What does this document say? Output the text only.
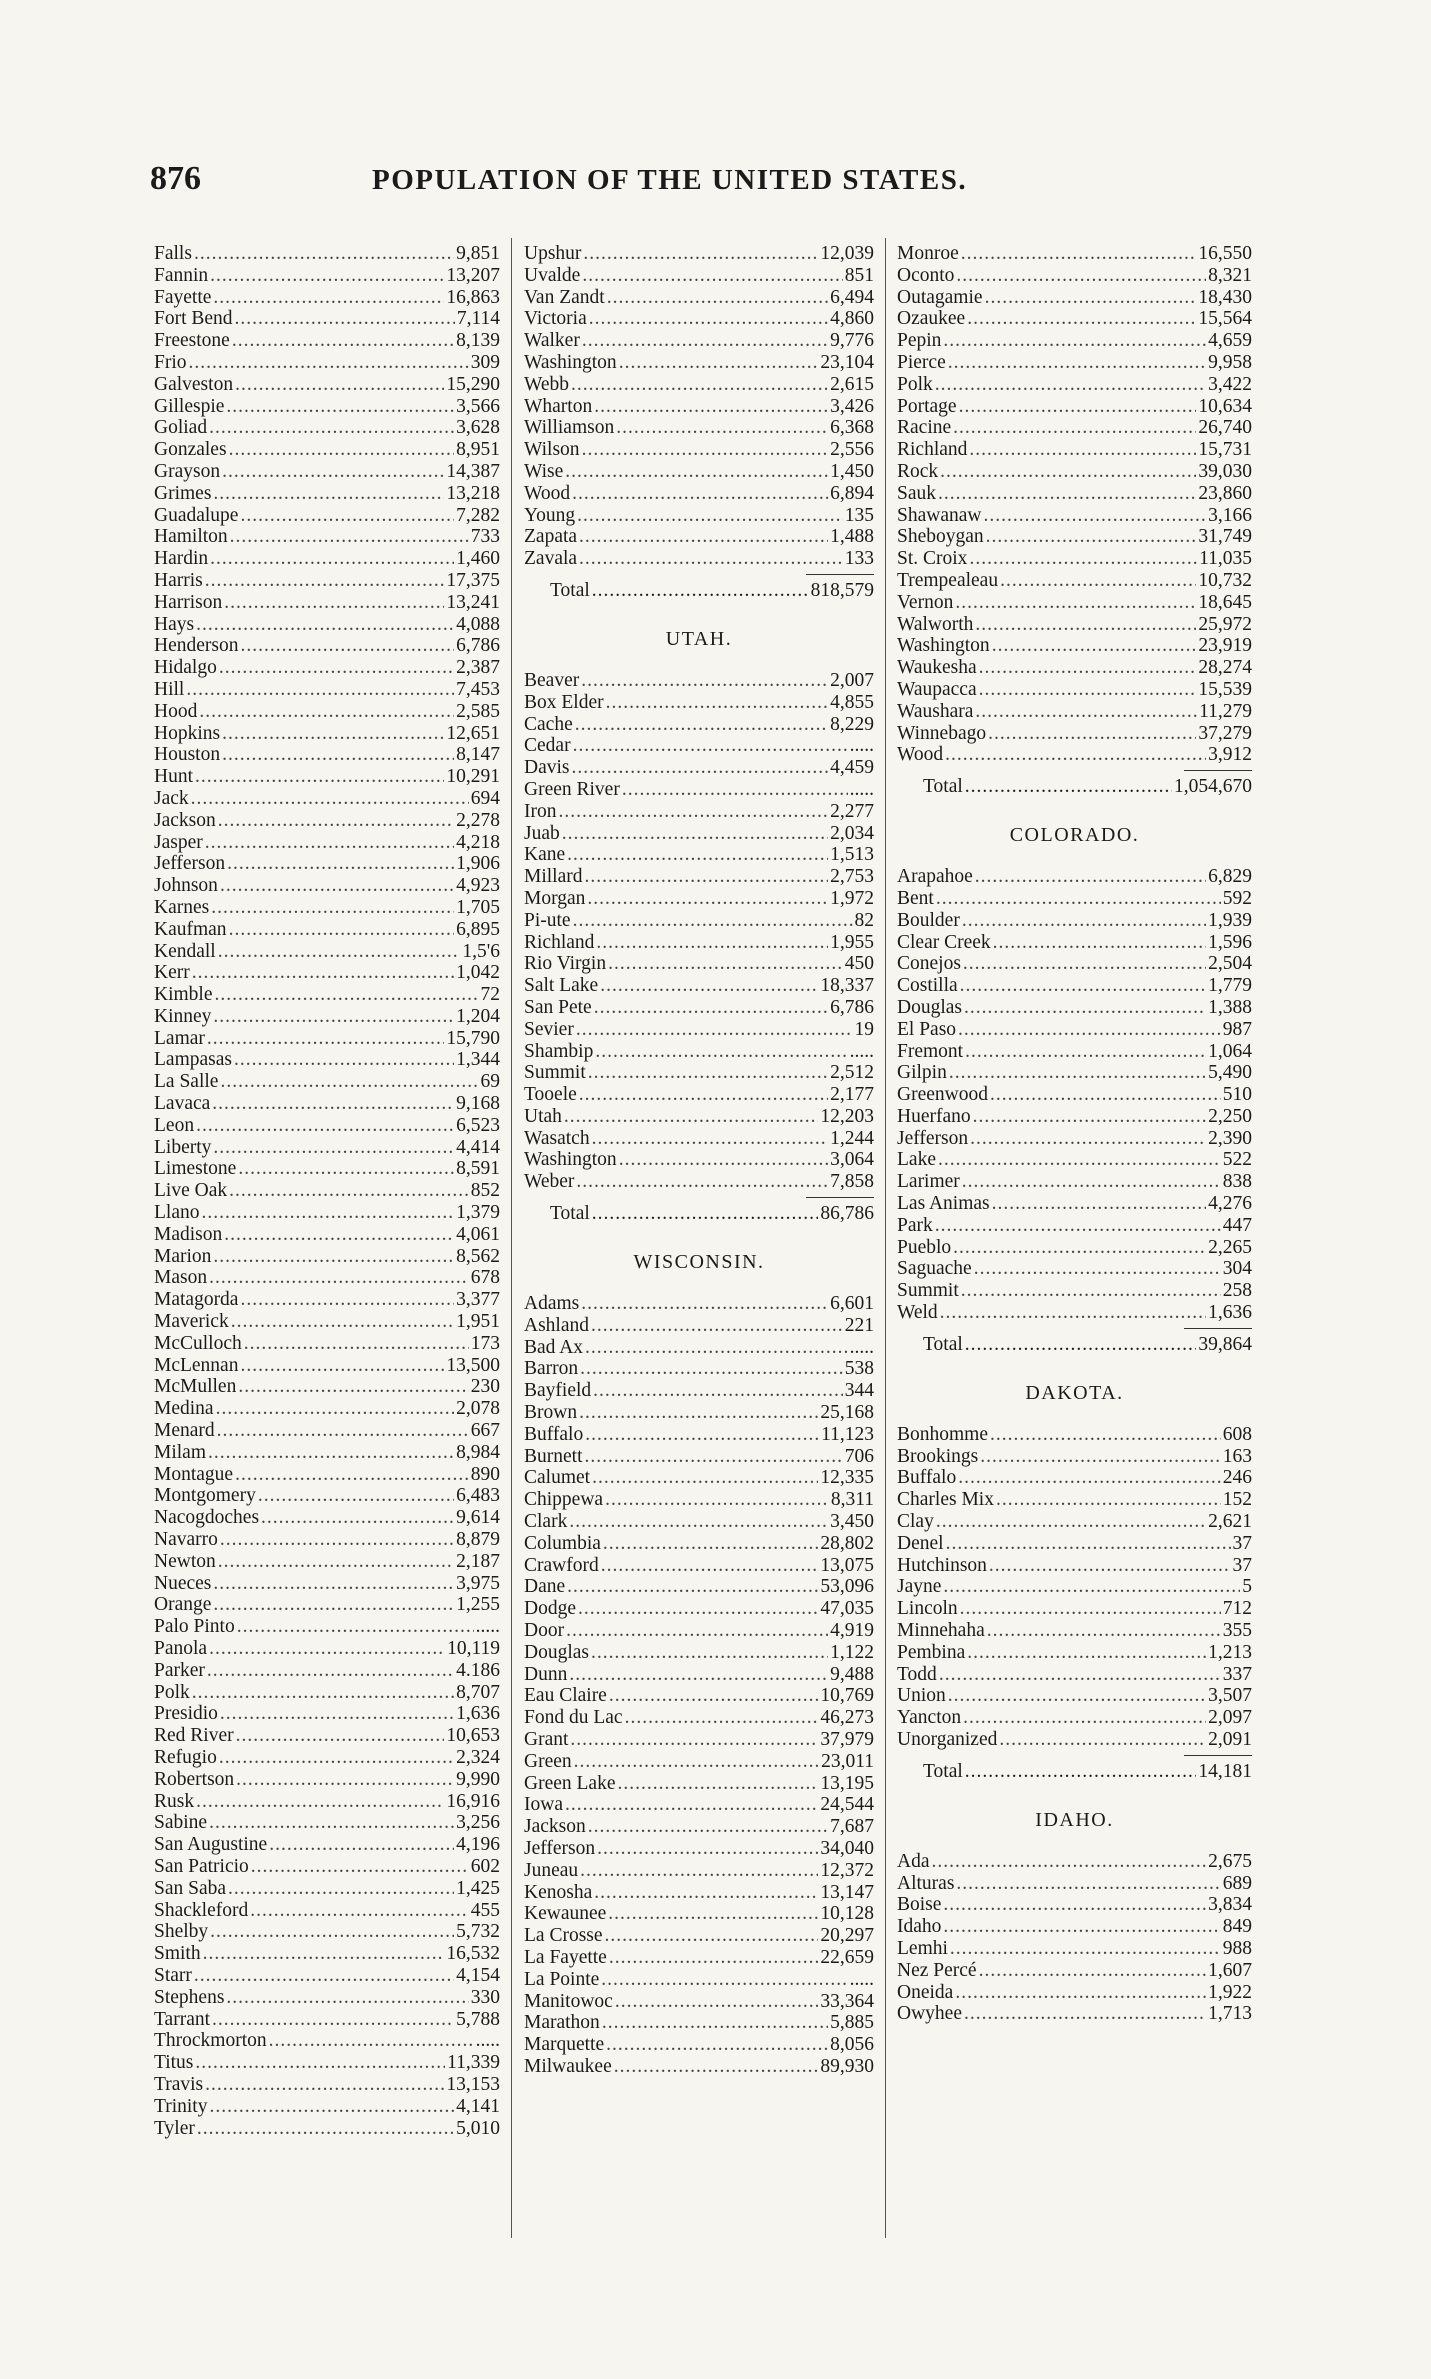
876	POPULATION OF THE UNITED STATES.
Falls .....	9,851
Fannin .....	13,207
Fayette .....	16,863
Fort Bend .....	7,114
Freestone .....	8,139
Frio .....	309
Galveston .....	15,290
Gillespie .....	3,566
Goliad .....	3,628
Gonzales .....	8,951
Grayson .....	14,387
Grimes .....	13,218
Guadalupe .....	7,282
Hamilton .....	733
Hardin .....	1,460
Harris .....	17,375
Harrison .....	13,241
Hays .....	4,088
Henderson .....	6,786
Hidalgo .....	2,387
Hill .....	7,453
Hood .....	2,585
Hopkins .....	12,651
Houston .....	8,147
Hunt .....	10,291
Jack .....	694
Jackson .....	2,278
Jasper .....	4,218
Jefferson .....	1,906
Johnson .....	4,923
Karnes .....	1,705
Kaufman .....	6,895
Kendall .....	1,5'6
Kerr .....	1,042
Kimble .....	72
Kinney .....	1,204
Lamar .....	15,790
Lampasas .....	1,344
La Salle .....	69
Lavaca .....	9,168
Leon .....	6,523
Liberty .....	4,414
Limestone .....	8,591
Live Oak .....	852
Llano .....	1,379
Madison .....	4,061
Marion .....	8,562
Mason .....	678
Matagorda .....	3,377
Maverick .....	1,951
McCulloch .....	173
McLennan .....	13,500
McMullen .....	230
Medina .....	2,078
Menard .....	667
Milam .....	8,984
Montague .....	890
Montgomery .....	6,483
Nacogdoches .....	9,614
Navarro .....	8,879
Newton .....	2,187
Nueces .....	3,975
Orange .....	1,255
Palo Pinto .....	.....
Panola .....	10,119
Parker .....	4.186
Polk .....	8,707
Presidio .....	1,636
Red River .....	10,653
Refugio .....	2,324
Robertson .....	9,990
Rusk .....	16,916
Sabine .....	3,256
San Augustine .....	4,196
San Patricio .....	602
San Saba .....	1,425
Shackleford .....	455
Shelby .....	5,732
Smith .....	16,532
Starr .....	4,154
Stephens .....	330
Tarrant .....	5,788
Throckmorton .....	.....
Titus .....	11,339
Travis .....	13,153
Trinity .....	4,141
Tyler .....	5,010
Upshur .....	12,039
Uvalde .....	851
Van Zandt .....	6,494
Victoria .....	4,860
Walker .....	9,776
Washington .....	23,104
Webb .....	2,615
Wharton .....	3,426
Williamson .....	6,368
Wilson .....	2,556
Wise .....	1,450
Wood .....	6,894
Young .....	135
Zapata .....	1,488
Zavala .....	133
Total .....	818,579
UTAH.
Beaver .....	2,007
Box Elder .....	4,855
Cache .....	8,229
Cedar .....	.....
Davis .....	4,459
Green River .....	.....
Iron .....	2,277
Juab .....	2,034
Kane .....	1,513
Millard .....	2,753
Morgan .....	1,972
Pi-ute .....	82
Richland .....	1,955
Rio Virgin .....	450
Salt Lake .....	18,337
San Pete .....	6,786
Sevier .....	19
Shambip .....	.....
Summit .....	2,512
Tooele .....	2,177
Utah .....	12,203
Wasatch .....	1,244
Washington .....	3,064
Weber .....	7,858
Total .....	86,786
WISCONSIN.
Adams .....	6,601
Ashland .....	221
Bad Ax .....	.....
Barron .....	538
Bayfield .....	344
Brown .....	25,168
Buffalo .....	11,123
Burnett .....	706
Calumet .....	12,335
Chippewa .....	8,311
Clark .....	3,450
Columbia .....	28,802
Crawford .....	13,075
Dane .....	53,096
Dodge .....	47,035
Door .....	4,919
Douglas .....	1,122
Dunn .....	9,488
Eau Claire .....	10,769
Fond du Lac .....	46,273
Grant .....	37,979
Green .....	23,011
Green Lake .....	13,195
Iowa .....	24,544
Jackson .....	7,687
Jefferson .....	34,040
Juneau .....	12,372
Kenosha .....	13,147
Kewaunee .....	10,128
La Crosse .....	20,297
La Fayette .....	22,659
La Pointe .....	.....
Manitowoc .....	33,364
Marathon .....	5,885
Marquette .....	8,056
Milwaukee .....	89,930
Monroe .....	16,550
Oconto .....	8,321
Outagamie .....	18,430
Ozaukee .....	15,564
Pepin .....	4,659
Pierce .....	9,958
Polk .....	3,422
Portage .....	10,634
Racine .....	26,740
Richland .....	15,731
Rock .....	39,030
Sauk .....	23,860
Shawanaw .....	3,166
Sheboygan .....	31,749
St. Croix .....	11,035
Trempealeau .....	10,732
Vernon .....	18,645
Walworth .....	25,972
Washington .....	23,919
Waukesha .....	28,274
Waupacca .....	15,539
Waushara .....	11,279
Winnebago .....	37,279
Wood .....	3,912
Total .....	1,054,670
COLORADO.
Arapahoe .....	6,829
Bent .....	592
Boulder .....	1,939
Clear Creek .....	1,596
Conejos .....	2,504
Costilla .....	1,779
Douglas .....	1,388
El Paso .....	987
Fremont .....	1,064
Gilpin .....	5,490
Greenwood .....	510
Huerfano .....	2,250
Jefferson .....	2,390
Lake .....	522
Larimer .....	838
Las Animas .....	4,276
Park .....	447
Pueblo .....	2,265
Saguache .....	304
Summit .....	258
Weld .....	1,636
Total .....	39,864
DAKOTA.
Bonhomme .....	608
Brookings .....	163
Buffalo .....	246
Charles Mix .....	152
Clay .....	2,621
Denel .....	37
Hutchinson .....	37
Jayne .....	5
Lincoln .....	712
Minnehaha .....	355
Pembina .....	1,213
Todd .....	337
Union .....	3,507
Yancton .....	2,097
Unorganized .....	2,091
Total .....	14,181
IDAHO.
Ada .....	2,675
Alturas .....	689
Boise .....	3,834
Idaho .....	849
Lemhi .....	988
Nez Percé .....	1,607
Oneida .....	1,922
Owyhee .....	1,713
